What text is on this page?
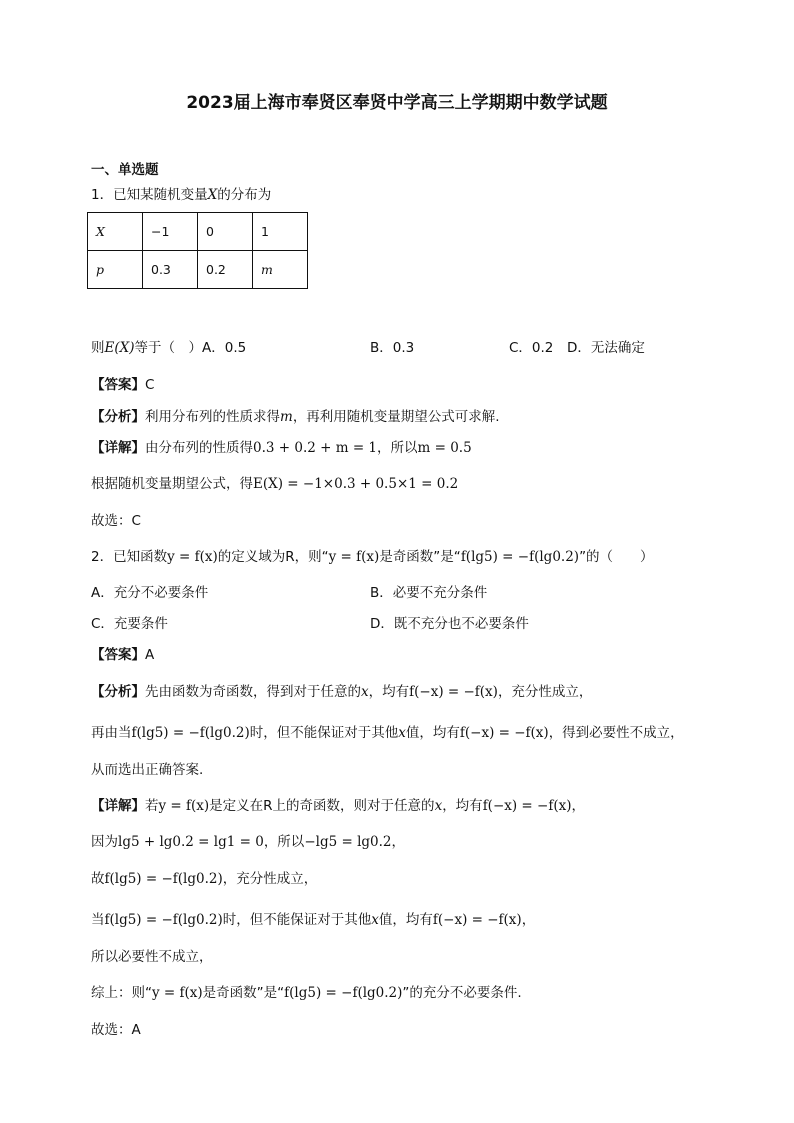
2023届上海市奉贤区奉贤中学高三上学期期中数学试题
一、单选题
1．已知某随机变量X的分布为
X	−1	0	1
p	0.3	0.2	m
则E(X)等于（　）A．0.5	B．0.3	C．0.2 D．无法确定
【答案】C
【分析】利用分布列的性质求得m，再利用随机变量期望公式可求解.
【详解】由分布列的性质得0.3 + 0.2 + m = 1，所以m = 0.5
根据随机变量期望公式，得E(X) = −1×0.3 + 0.5×1 = 0.2
故选：C
2．已知函数y = f(x)的定义域为R，则“y = f(x)是奇函数”是“f(lg5) = −f(lg0.2)”的（　　）
A．充分不必要条件	B．必要不充分条件
C．充要条件	D．既不充分也不必要条件
【答案】A
【分析】先由函数为奇函数，得到对于任意的x，均有f(−x) = −f(x)，充分性成立，
再由当f(lg5) = −f(lg0.2)时，但不能保证对于其他x值，均有f(−x) = −f(x)，得到必要性不成立，
从而选出正确答案.
【详解】若y = f(x)是定义在R上的奇函数，则对于任意的x，均有f(−x) = −f(x)，
因为lg5 + lg0.2 = lg1 = 0，所以−lg5 = lg0.2，
故f(lg5) = −f(lg0.2)，充分性成立，
当f(lg5) = −f(lg0.2)时，但不能保证对于其他x值，均有f(−x) = −f(x)，
所以必要性不成立，
综上：则“y = f(x)是奇函数”是“f(lg5) = −f(lg0.2)”的充分不必要条件.
故选：A
